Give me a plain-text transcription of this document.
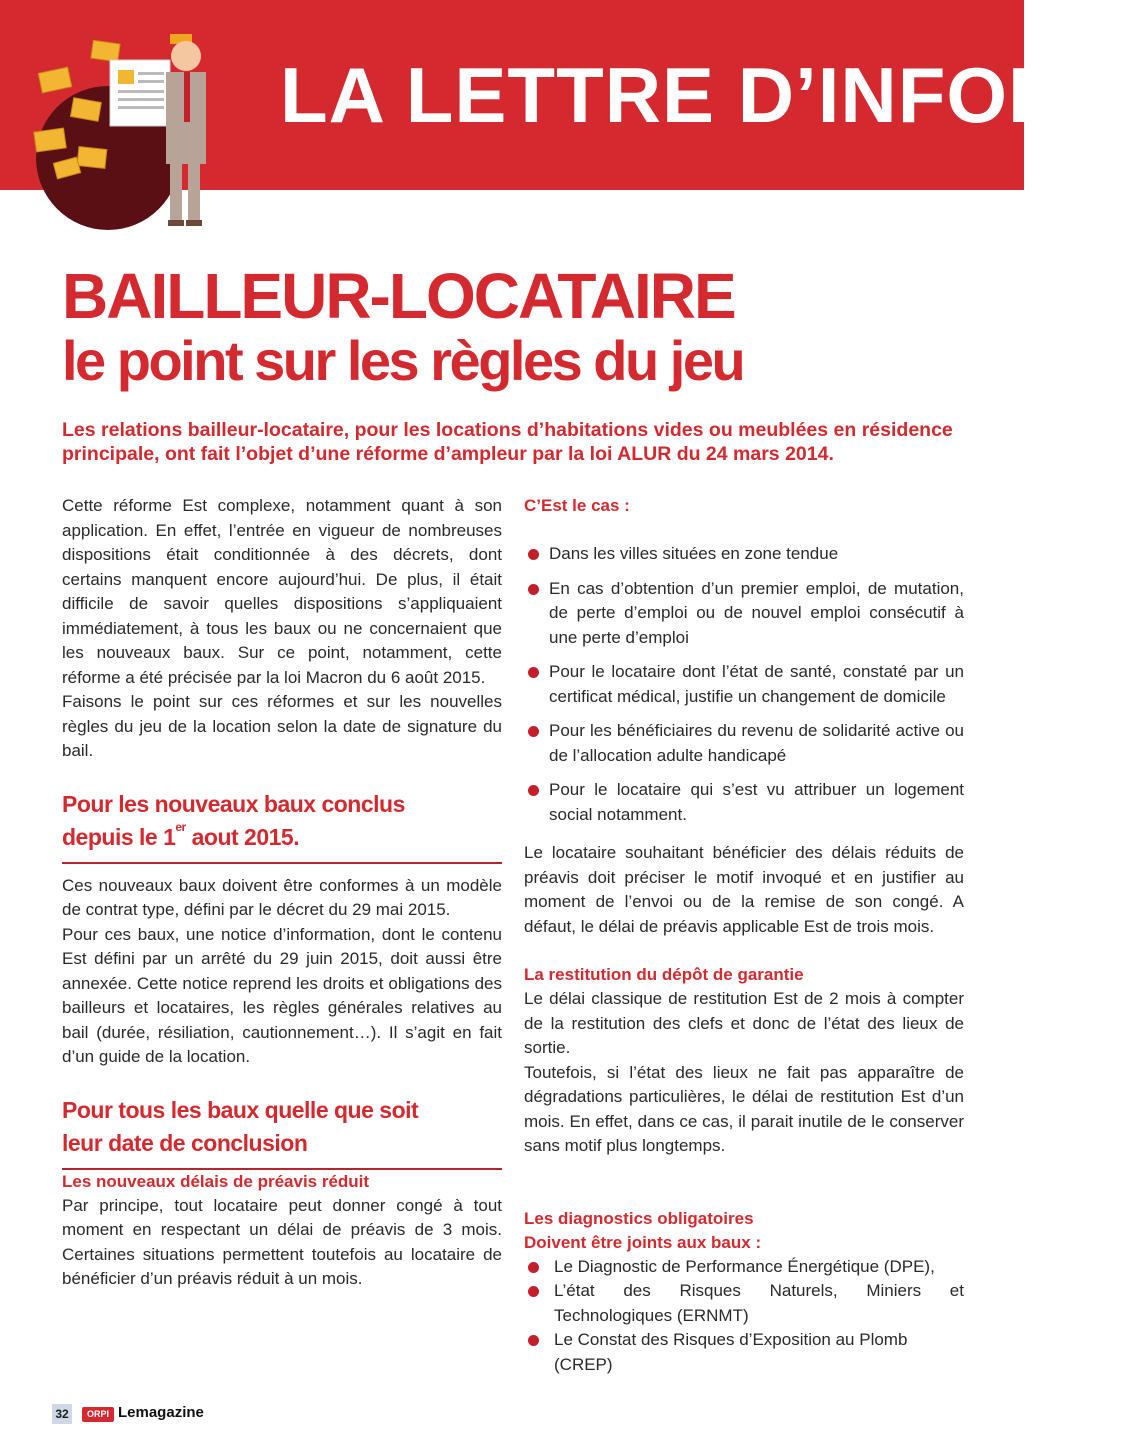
LA LETTRE D’INFORM
BAILLEUR-LOCATAIRE
le point sur les règles du jeu

Les relations bailleur-locataire, pour les locations d’habitations vides ou meublées en résidence principale, ont fait l’objet d’une réforme d’ampleur par la loi ALUR du 24 mars 2014.

Cette réforme Est complexe, notamment quant à son application. En effet, l’entrée en vigueur de nombreuses dispositions était conditionnée à des décrets, dont certains manquent encore aujourd’hui. De plus, il était difficile de savoir quelles dispositions s’appliquaient immédiatement, à tous les baux ou ne concernaient que les nouveaux baux. Sur ce point, notamment, cette réforme a été précisée par la loi Macron du 6 août 2015.

Faisons le point sur ces réformes et sur les nouvelles règles du jeu de la location selon la date de signature du bail.

Pour les nouveaux baux conclus
depuis le 1er aout 2015.

Ces nouveaux baux doivent être conformes à un modèle de contrat type, défini par le décret du 29 mai 2015.

Pour ces baux, une notice d’information, dont le contenu Est défini par un arrêté du 29 juin 2015, doit aussi être annexée. Cette notice reprend les droits et obligations des bailleurs et locataires, les règles générales relatives au bail (durée, résiliation, cautionnement…). Il s’agit en fait d’un guide de la location.

Pour tous les baux quelle que soit
leur date de conclusion
Les nouveaux délais de préavis réduit

Par principe, tout locataire peut donner congé à tout moment en respectant un délai de préavis de 3 mois. Certaines situations permettent toutefois au locataire de bénéficier d’un préavis réduit à un mois.

C’Est le cas :
Dans les villes situées en zone tendue
En cas d’obtention d’un premier emploi, de mutation, de perte d’emploi ou de nouvel emploi consécutif à une perte d’emploi
Pour le locataire dont l’état de santé, constaté par un certificat médical, justifie un changement de domicile
Pour les bénéficiaires du revenu de solidarité active ou de l’allocation adulte handicapé
Pour le locataire qui s’est vu attribuer un logement social notamment.

Le locataire souhaitant bénéficier des délais réduits de préavis doit préciser le motif invoqué et en justifier au moment de l’envoi ou de la remise de son congé. A défaut, le délai de préavis applicable Est de trois mois.

La restitution du dépôt de garantie

Le délai classique de restitution Est de 2 mois à compter de la restitution des clefs et donc de l’état des lieux de sortie.

Toutefois, si l’état des lieux ne fait pas apparaître de dégradations particulières, le délai de restitution Est d’un mois. En effet, dans ce cas, il parait inutile de le conserver sans motif plus longtemps.

Les diagnostics obligatoires
Doivent être joints aux baux :
Le Diagnostic de Performance Énergétique (DPE),
L’état des Risques Naturels, Miniers et Technologiques (ERNMT)
Le Constat des Risques d’Exposition au Plomb (CREP)
32	ORPI Lemagazine
